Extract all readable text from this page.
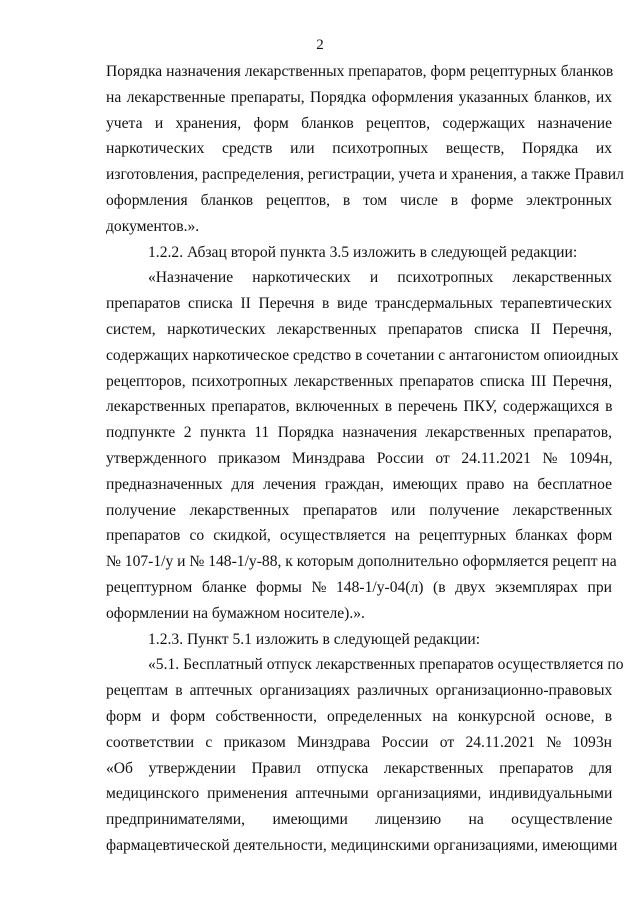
2
Порядка назначения лекарственных препаратов, форм рецептурных бланков
на лекарственные препараты, Порядка оформления указанных бланков, их
учета и хранения, форм бланков рецептов, содержащих назначение
наркотических средств или психотропных веществ, Порядка их
изготовления, распределения, регистрации, учета и хранения, а также Правил
оформления бланков рецептов, в том числе в форме электронных
документов.».
1.2.2. Абзац второй пункта 3.5 изложить в следующей редакции:
«Назначение наркотических и психотропных лекарственных
препаратов списка II Перечня в виде трансдермальных терапевтических
систем, наркотических лекарственных препаратов списка II Перечня,
содержащих наркотическое средство в сочетании с антагонистом опиоидных
рецепторов, психотропных лекарственных препаратов списка III Перечня,
лекарственных препаратов, включенных в перечень ПКУ, содержащихся в
подпункте 2 пункта 11 Порядка назначения лекарственных препаратов,
утвержденного приказом Минздрава России от 24.11.2021 № 1094н,
предназначенных для лечения граждан, имеющих право на бесплатное
получение лекарственных препаратов или получение лекарственных
препаратов со скидкой, осуществляется на рецептурных бланках форм
№ 107-1/у и № 148-1/у-88, к которым дополнительно оформляется рецепт на
рецептурном бланке формы № 148-1/у-04(л) (в двух экземплярах при
оформлении на бумажном носителе).».
1.2.3. Пункт 5.1 изложить в следующей редакции:
«5.1. Бесплатный отпуск лекарственных препаратов осуществляется по
рецептам в аптечных организациях различных организационно-правовых
форм и форм собственности, определенных на конкурсной основе, в
соответствии с приказом Минздрава России от 24.11.2021 № 1093н
«Об утверждении Правил отпуска лекарственных препаратов для
медицинского применения аптечными организациями, индивидуальными
предпринимателями, имеющими лицензию на осуществление
фармацевтической деятельности, медицинскими организациями, имеющими
